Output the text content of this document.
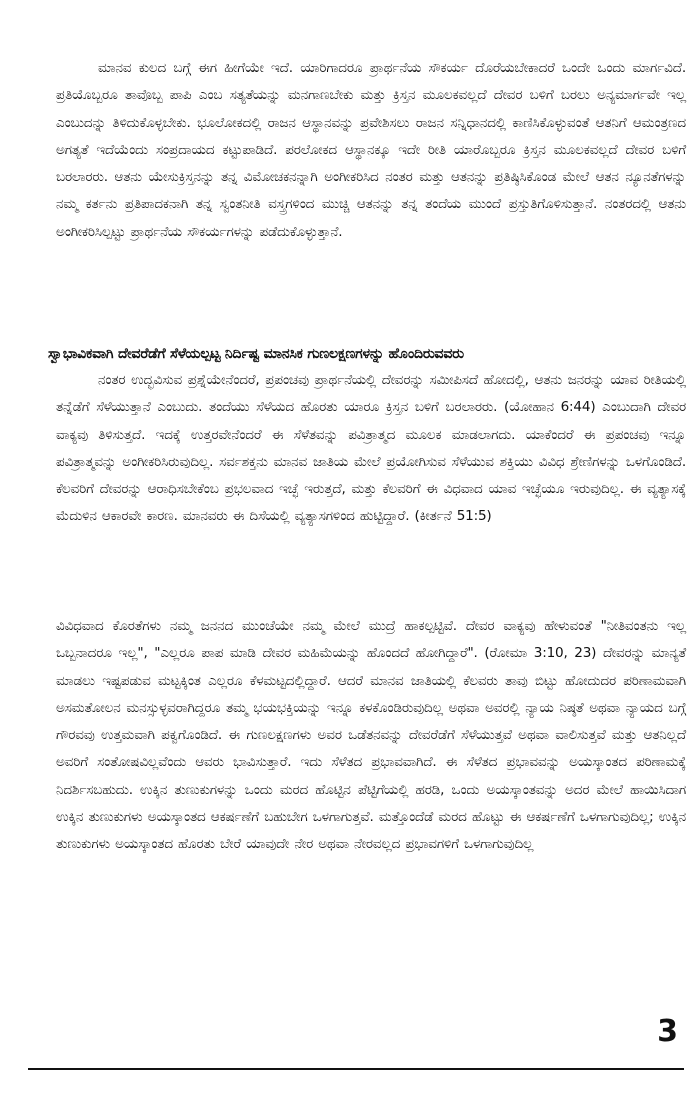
ಮಾನವ ಕುಲದ ಬಗ್ಗೆ ಈಗ ಹೀಗೆಯೇ ಇದೆ. ಯಾರಿಗಾದರೂ ಪ್ರಾರ್ಥನೆಯ ಸೌಕರ್ಯ ದೊರೆಯಬೇಕಾದರೆ ಒಂದೇ ಒಂದು ಮಾರ್ಗವಿದೆ. ಪ್ರತಿಯೊಬ್ಬರೂ ತಾವೊಬ್ಬ ಪಾಪಿ ಎಂಬ ಸತ್ಯತೆಯನ್ನು ಮನಗಾಣಬೇಕು ಮತ್ತು ಕ್ರಿಸ್ತನ ಮೂಲಕವಲ್ಲದೆ ದೇವರ ಬಳಿಗೆ ಬರಲು ಅನ್ಯಮಾರ್ಗವೇ ಇಲ್ಲ ಎಂಬುದನ್ನು ತಿಳಿದುಕೊಳ್ಳಬೇಕು. ಭೂಲೋಕದಲ್ಲಿ ರಾಜನ ಆಸ್ಥಾನವನ್ನು ಪ್ರವೇಶಿಸಲು ರಾಜನ ಸನ್ನಿಧಾನದಲ್ಲಿ ಕಾಣಿಸಿಕೊಳ್ಳುವಂತೆ ಆತನಿಗೆ ಆಮಂತ್ರಣದ ಅಗತ್ಯತೆ ಇದೆಯೆಂದು ಸಂಪ್ರದಾಯದ ಕಟ್ಟುಪಾಡಿದೆ. ಪರಲೋಕದ ಆಸ್ಥಾನಕ್ಕೂ ಇದೇ ರೀತಿ ಯಾರೊಬ್ಬರೂ ಕ್ರಿಸ್ತನ ಮೂಲಕವಲ್ಲದೆ ದೇವರ ಬಳಿಗೆ ಬರಲಾರರು. ಆತನು ಯೇಸುಕ್ರಿಸ್ತನನ್ನು ತನ್ನ ವಿಮೋಚಕನನ್ನಾಗಿ ಅಂಗೀಕರಿಸಿದ ನಂತರ ಮತ್ತು ಆತನನ್ನು ಪ್ರತಿಷ್ಠಿಸಿಕೊಂಡ ಮೇಲೆ ಆತನ ನ್ಯೂನತೆಗಳನ್ನು ನಮ್ಮ ಕರ್ತನು ಪ್ರತಿಪಾದಕನಾಗಿ ತನ್ನ ಸ್ವಂತನೀತಿ ವಸ್ತ್ರಗಳಿಂದ ಮುಚ್ಚಿ ಆತನನ್ನು ತನ್ನ ತಂದೆಯ ಮುಂದೆ ಪ್ರಸ್ತುತಿಗೊಳಿಸುತ್ತಾನೆ. ನಂತರದಲ್ಲಿ ಆತನು ಅಂಗೀಕರಿಸಿಲ್ಪಟ್ಟು ಪ್ರಾರ್ಥನೆಯ ಸೌಕರ್ಯಗಳನ್ನು ಪಡೆದುಕೊಳ್ಳುತ್ತಾನೆ.

ಸ್ವಾಭಾವಿಕವಾಗಿ ದೇವರೆಡೆಗೆ ಸೆಳೆಯಲ್ಪಟ್ಟ ನಿರ್ದಿಷ್ಟ ಮಾನಸಿಕ ಗುಣಲಕ್ಷಣಗಳನ್ನು ಹೊಂದಿರುವವರು

ನಂತರ ಉದ್ಭವಿಸುವ ಪ್ರಶ್ನೆಯೇನೆಂದರೆ, ಪ್ರಪಂಚವು ಪ್ರಾರ್ಥನೆಯಲ್ಲಿ ದೇವರನ್ನು ಸಮೀಪಿಸದೆ ಹೋದಲ್ಲಿ, ಆತನು ಜನರನ್ನು ಯಾವ ರೀತಿಯಲ್ಲಿ ತನ್ನೆಡೆಗೆ ಸೆಳೆಯುತ್ತಾನೆ ಎಂಬುದು. ತಂದೆಯು ಸೆಳೆಯದ ಹೊರತು ಯಾರೂ ಕ್ರಿಸ್ತನ ಬಳಿಗೆ ಬರಲಾರರು. (ಯೋಹಾನ 6:44) ಎಂಬುದಾಗಿ ದೇವರ ವಾಕ್ಯವು ತಿಳಿಸುತ್ತದೆ. ಇದಕ್ಕೆ ಉತ್ತರವೇನೆಂದರೆ ಈ ಸೆಳೆತವನ್ನು ಪವಿತ್ರಾತ್ಮದ ಮೂಲಕ ಮಾಡಲಾಗದು. ಯಾಕೆಂದರೆ ಈ ಪ್ರಪಂಚವು ಇನ್ನೂ ಪವಿತ್ರಾತ್ಮವನ್ನು ಅಂಗೀಕರಿಸಿರುವುದಿಲ್ಲ. ಸರ್ವಶಕ್ತನು ಮಾನವ ಜಾತಿಯ ಮೇಲೆ ಪ್ರಯೋಗಿಸುವ ಸೆಳೆಯುವ ಶಕ್ತಿಯು ವಿವಿಧ ಶ್ರೇಣಿಗಳನ್ನು ಒಳಗೊಂಡಿದೆ. ಕೆಲವರಿಗೆ ದೇವರನ್ನು ಆರಾಧಿಸಬೇಕೆಂಬ ಪ್ರಭಲವಾದ ಇಚ್ಛೆ ಇರುತ್ತದೆ, ಮತ್ತು ಕೆಲವರಿಗೆ ಈ ವಿಧವಾದ ಯಾವ ಇಚ್ಛೆಯೂ ಇರುವುದಿಲ್ಲ. ಈ ವ್ಯತ್ಯಾಸಕ್ಕೆ ಮೆದುಳಿನ ಆಕಾರವೇ ಕಾರಣ. ಮಾನವರು ಈ ದಿಸೆಯಲ್ಲಿ ವ್ಯತ್ಯಾಸಗಳಿಂದ ಹುಟ್ಟಿದ್ದಾರೆ. (ಕೀರ್ತನೆ 51:5)

ವಿವಿಧವಾದ ಕೊರತೆಗಳು ನಮ್ಮ ಜನನದ ಮುಂಚೆಯೇ ನಮ್ಮ ಮೇಲೆ ಮುದ್ರೆ ಹಾಕಲ್ಪಟ್ಟಿವೆ. ದೇವರ ವಾಕ್ಯವು ಹೇಳುವಂತೆ "ನೀತಿವಂತನು ಇಲ್ಲ ಒಬ್ಬನಾದರೂ ಇಲ್ಲ", "ಎಲ್ಲರೂ ಪಾಪ ಮಾಡಿ ದೇವರ ಮಹಿಮೆಯನ್ನು ಹೊಂದದೆ ಹೋಗಿದ್ದಾರೆ". (ರೋಮಾ 3:10, 23) ದೇವರನ್ನು ಮಾನ್ಯತೆ ಮಾಡಲು ಇಷ್ಟಪಡುವ ಮಟ್ಟಕ್ಕಿಂತ ಎಲ್ಲರೂ ಕೆಳಮಟ್ಟದಲ್ಲಿದ್ದಾರೆ. ಆದರೆ ಮಾನವ ಜಾತಿಯಲ್ಲಿ ಕೆಲವರು ತಾವು ಬಿಟ್ಟು ಹೋದುದರ ಪರಿಣಾಮವಾಗಿ ಅಸಮತೋಲನ ಮನಸ್ಸುಳ್ಳವರಾಗಿದ್ದರೂ ತಮ್ಮ ಭಯಭಕ್ತಿಯನ್ನು ಇನ್ನೂ ಕಳಕೊಂಡಿರುವುದಿಲ್ಲ ಅಥವಾ ಅವರಲ್ಲಿ ನ್ಯಾಯ ನಿಷ್ಠತೆ ಅಥವಾ ನ್ಯಾಯದ ಬಗ್ಗೆ ಗೌರವವು ಉತ್ತಮವಾಗಿ ಪಕ್ವಗೊಂಡಿದೆ. ಈ ಗುಣಲಕ್ಷಣಗಳು ಅವರ ಒಡೆತನವನ್ನು ದೇವರೆಡೆಗೆ ಸೆಳೆಯುತ್ತವೆ ಅಥವಾ ವಾಲಿಸುತ್ತವೆ ಮತ್ತು ಆತನಿಲ್ಲದೆ ಅವರಿಗೆ ಸಂತೋಷವಿಲ್ಲವೆಂದು ಆವರು ಭಾವಿಸುತ್ತಾರೆ. ಇದು ಸೆಳೆತದ ಪ್ರಭಾವವಾಗಿದೆ. ಈ ಸೆಳೆತದ ಪ್ರಭಾವವನ್ನು ಅಯಸ್ಕಾಂತದ ಪರಿಣಾಮಕ್ಕೆ ನಿದರ್ಶಿಸಬಹುದು. ಉಕ್ಕಿನ ತುಣುಕುಗಳನ್ನು ಒಂದು ಮರದ ಹೊಟ್ಟಿನ ಪೆಟ್ಟಿಗೆಯಲ್ಲಿ ಹರಡಿ, ಒಂದು ಅಯಸ್ಕಾಂತವನ್ನು ಅದರ ಮೇಲೆ ಹಾಯಿಸಿದಾಗ ಉಕ್ಕಿನ ತುಣುಕುಗಳು ಅಯಸ್ಕಾಂತದ ಆಕರ್ಷಣೆಗೆ ಬಹುಬೇಗ ಒಳಗಾಗುತ್ತವೆ. ಮತ್ತೊಂದೆಡೆ ಮರದ ಹೊಟ್ಟು ಈ ಆಕರ್ಷಣೆಗೆ ಒಳಗಾಗುವುದಿಲ್ಲ; ಉಕ್ಕಿನ ತುಣುಕುಗಳು ಅಯಸ್ಕಾಂತದ ಹೊರತು ಬೇರೆ ಯಾವುದೇ ನೇರ ಅಥವಾ ನೇರವಲ್ಲದ ಪ್ರಭಾವಗಳಿಗೆ ಒಳಗಾಗುವುದಿಲ್ಲ

3
